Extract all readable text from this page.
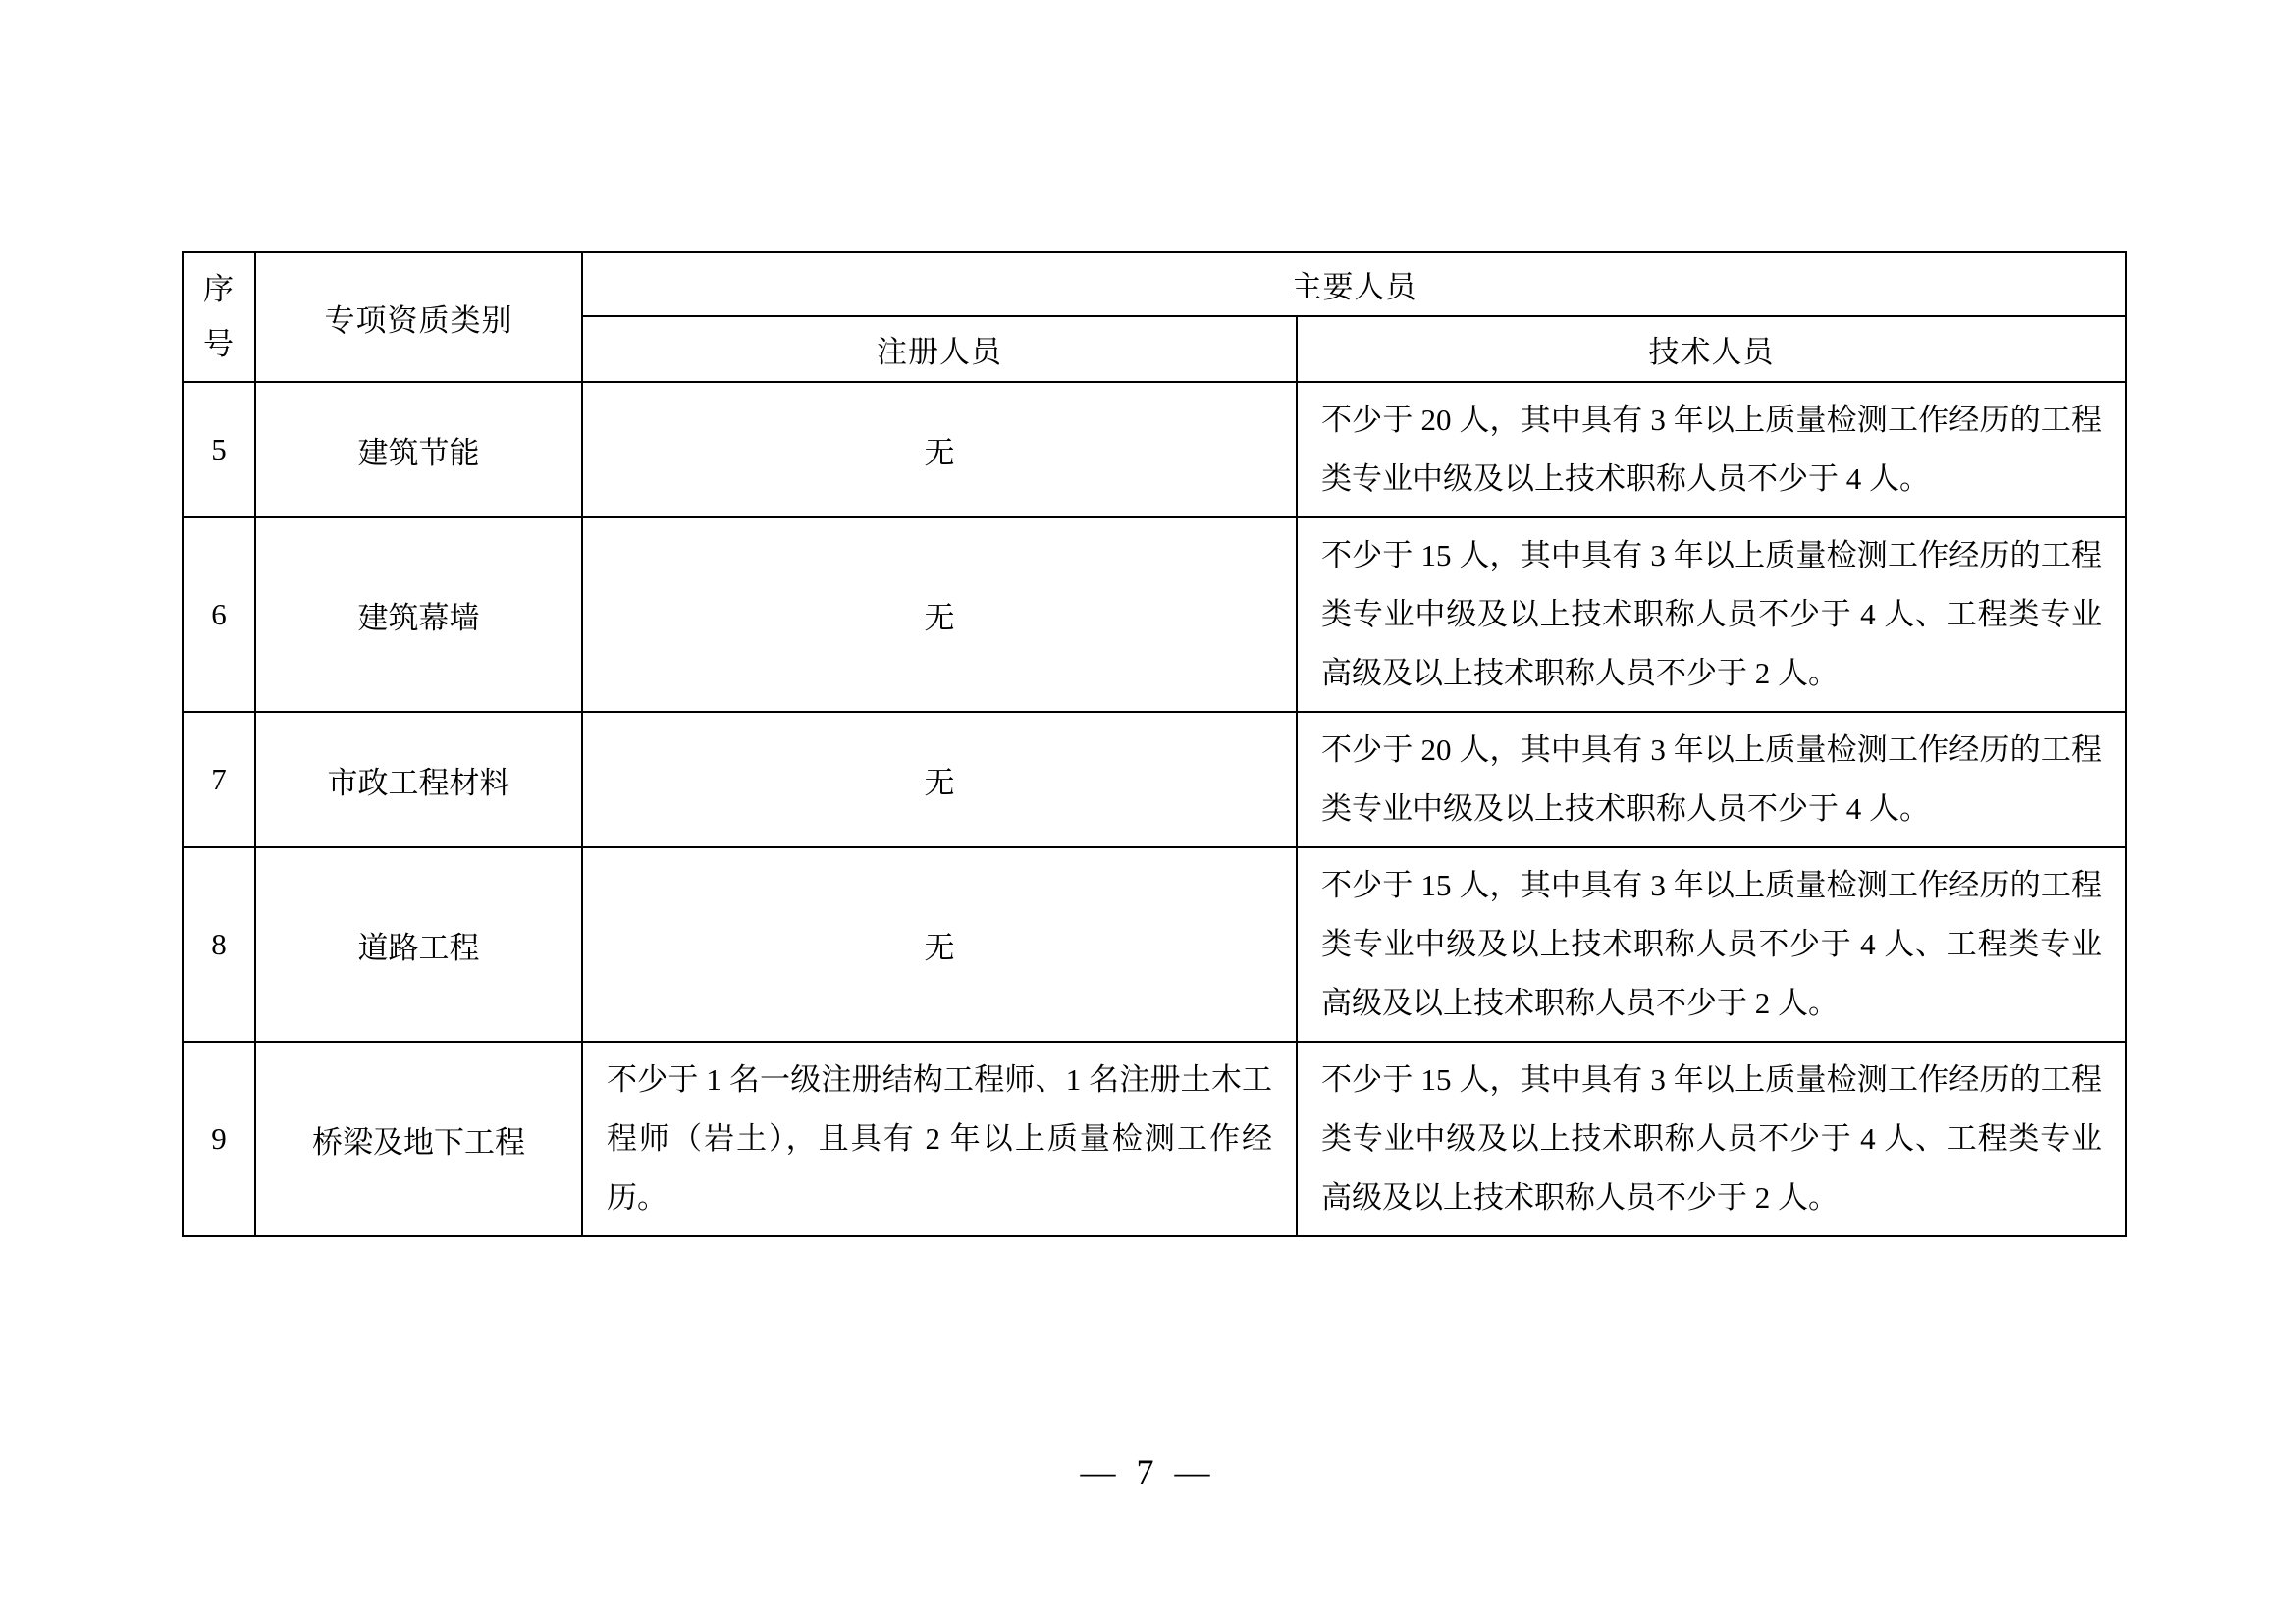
序号	专项资质类别	主要人员	
		注册人员	技术人员
5	建筑节能	无	不少于 20 人，其中具有 3 年以上质量检测工作经历的工程类专业中级及以上技术职称人员不少于 4 人。
6	建筑幕墙	无	不少于 15 人，其中具有 3 年以上质量检测工作经历的工程类专业中级及以上技术职称人员不少于 4 人、工程类专业高级及以上技术职称人员不少于 2 人。
7	市政工程材料	无	不少于 20 人，其中具有 3 年以上质量检测工作经历的工程类专业中级及以上技术职称人员不少于 4 人。
8	道路工程	无	不少于 15 人，其中具有 3 年以上质量检测工作经历的工程类专业中级及以上技术职称人员不少于 4 人、工程类专业高级及以上技术职称人员不少于 2 人。
9	桥梁及地下工程	不少于 1 名一级注册结构工程师、1 名注册土木工程师（岩土），且具有 2 年以上质量检测工作经历。	不少于 15 人，其中具有 3 年以上质量检测工作经历的工程类专业中级及以上技术职称人员不少于 4 人、工程类专业高级及以上技术职称人员不少于 2 人。
— 7 —
